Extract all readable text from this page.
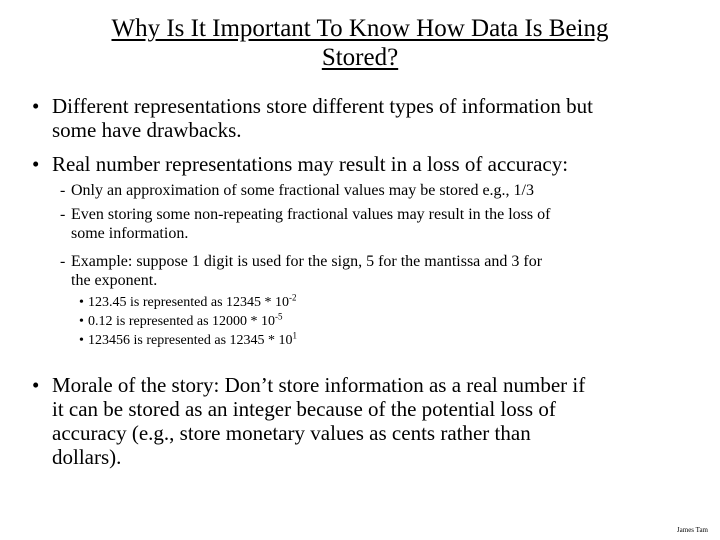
Why Is It Important To Know How Data Is Being
Stored?
• Different representations store different types of information but
some have drawbacks.
• Real number representations may result in a loss of accuracy:
- Only an approximation of some fractional values may be stored e.g., 1/3
- Even storing some non-repeating fractional values may result in the loss of
some information.
- Example: suppose 1 digit is used for the sign, 5 for the mantissa and 3 for
the exponent.
• 123.45 is represented as $12345 * 10^{-2}$
• 0.12 is represented as $12000 * 10^{-5}$
• 123456 is represented as $12345 * 10^1$
• Morale of the story: Don’t store information as a real number if
it can be stored as an integer because of the potential loss of
accuracy (e.g., store monetary values as cents rather than
dollars).
James Tam
